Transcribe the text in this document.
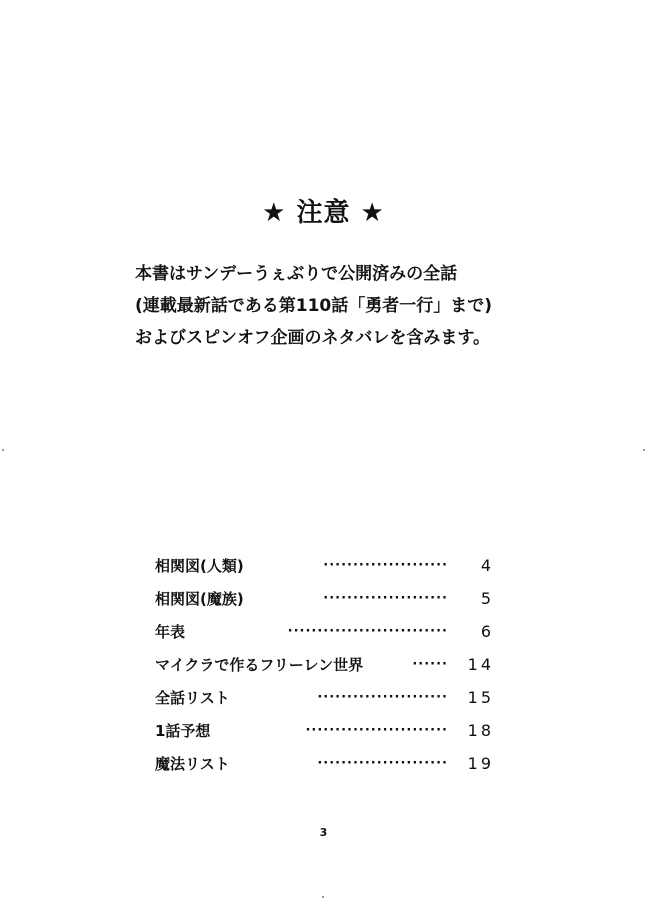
★ 注意 ★
本書はサンデーうぇぶりで公開済みの全話
(連載最新話である第110話「勇者一行」まで)
およびスピンオフ企画のネタバレを含みます。
相関図(人類)	····················· 4
相関図(魔族)	····················· 5
年表	··························· 6
マイクラで作るフリーレン世界	······ 14
全話リスト	······················ 15
1話予想	························ 18
魔法リスト	······················ 19
3
